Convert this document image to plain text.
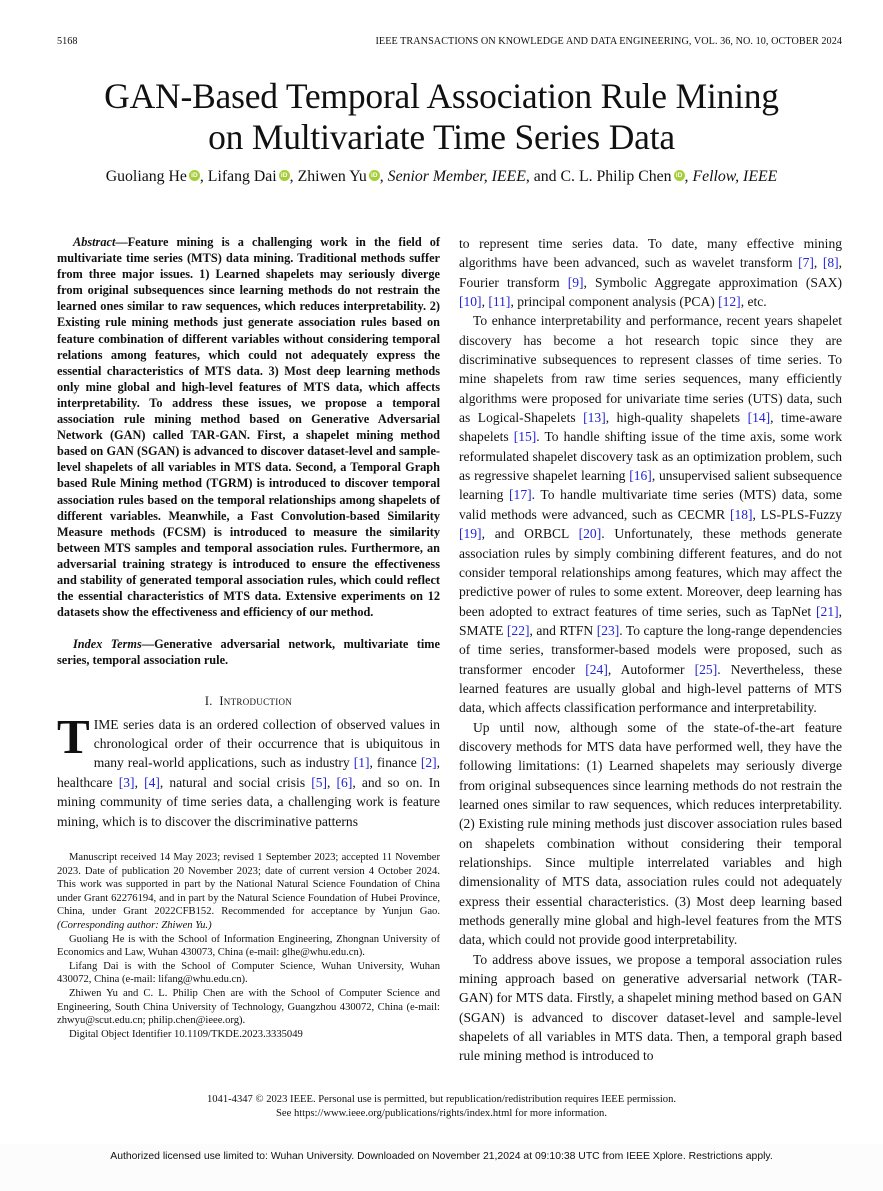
5168	IEEE TRANSACTIONS ON KNOWLEDGE AND DATA ENGINEERING, VOL. 36, NO. 10, OCTOBER 2024
GAN-Based Temporal Association Rule Mining
on Multivariate Time Series Data
Guoliang He iD , Lifang Dai iD , Zhiwen Yu iD , Senior Member, IEEE, and C. L. Philip Chen iD , Fellow, IEEE

Abstract—Feature mining is a challenging work in the field of multivariate time series (MTS) data mining. Traditional methods suffer from three major issues. 1) Learned shapelets may seriously diverge from original subsequences since learning methods do not restrain the learned ones similar to raw sequences, which reduces interpretability. 2) Existing rule mining methods just generate association rules based on feature combination of different variables without considering temporal relations among features, which could not adequately express the essential characteristics of MTS data. 3) Most deep learning methods only mine global and high-level features of MTS data, which affects interpretability. To address these issues, we propose a temporal association rule mining method based on Generative Adversarial Network (GAN) called TAR-GAN. First, a shapelet mining method based on GAN (SGAN) is advanced to discover dataset-level and sample-level shapelets of all variables in MTS data. Second, a Temporal Graph based Rule Mining method (TGRM) is introduced to discover temporal association rules based on the temporal relationships among shapelets of different variables. Meanwhile, a Fast Convolution-based Similarity Measure methods (FCSM) is introduced to measure the similarity between MTS samples and temporal association rules. Furthermore, an adversarial training strategy is introduced to ensure the effectiveness and stability of generated temporal association rules, which could reflect the essential characteristics of MTS data. Extensive experiments on 12 datasets show the effectiveness and efficiency of our method.

Index Terms—Generative adversarial network, multivariate time series, temporal association rule.

I. Introduction

TIME series data is an ordered collection of observed values in chronological order of their occurrence that is ubiquitous in many real-world applications, such as industry [1], finance [2], healthcare [3], [4], natural and social crisis [5], [6], and so on. In mining community of time series data, a challenging work is feature mining, which is to discover the discriminative patterns

Manuscript received 14 May 2023; revised 1 September 2023; accepted 11 November 2023. Date of publication 20 November 2023; date of current version 4 October 2024. This work was supported in part by the National Natural Science Foundation of China under Grant 62276194, and in part by the Natural Science Foundation of Hubei Province, China, under Grant 2022CFB152. Recommended for acceptance by Yunjun Gao. (Corresponding author: Zhiwen Yu.)

Guoliang He is with the School of Information Engineering, Zhongnan University of Economics and Law, Wuhan 430073, China (e-mail: glhe@whu.edu.cn).

Lifang Dai is with the School of Computer Science, Wuhan University, Wuhan 430072, China (e-mail: lifang@whu.edu.cn).

Zhiwen Yu and C. L. Philip Chen are with the School of Computer Science and Engineering, South China University of Technology, Guangzhou 430072, China (e-mail: zhwyu@scut.edu.cn; philip.chen@ieee.org).

Digital Object Identifier 10.1109/TKDE.2023.3335049

to represent time series data. To date, many effective mining algorithms have been advanced, such as wavelet transform [7], [8], Fourier transform [9], Symbolic Aggregate approximation (SAX) [10], [11], principal component analysis (PCA) [12], etc.

To enhance interpretability and performance, recent years shapelet discovery has become a hot research topic since they are discriminative subsequences to represent classes of time series. To mine shapelets from raw time series sequences, many efficiently algorithms were proposed for univariate time series (UTS) data, such as Logical-Shapelets [13], high-quality shapelets [14], time-aware shapelets [15]. To handle shifting issue of the time axis, some work reformulated shapelet discovery task as an optimization problem, such as regressive shapelet learning [16], unsupervised salient subsequence learning [17]. To handle multivariate time series (MTS) data, some valid methods were advanced, such as CECMR [18], LS-PLS-Fuzzy [19], and ORBCL [20]. Unfortunately, these methods generate association rules by simply combining different features, and do not consider temporal relationships among features, which may affect the predictive power of rules to some extent. Moreover, deep learning has been adopted to extract features of time series, such as TapNet [21], SMATE [22], and RTFN [23]. To capture the long-range dependencies of time series, transformer-based models were proposed, such as transformer encoder [24], Autoformer [25]. Nevertheless, these learned features are usually global and high-level patterns of MTS data, which affects classification performance and interpretability.

Up until now, although some of the state-of-the-art feature discovery methods for MTS data have performed well, they have the following limitations: (1) Learned shapelets may seriously diverge from original subsequences since learning methods do not restrain the learned ones similar to raw sequences, which reduces interpretability. (2) Existing rule mining methods just discover association rules based on shapelets combination without considering their temporal relationships. Since multiple interrelated variables and high dimensionality of MTS data, association rules could not adequately express their essential characteristics. (3) Most deep learning based methods generally mine global and high-level features from the MTS data, which could not provide good interpretability.

To address above issues, we propose a temporal association rules mining approach based on generative adversarial network (TAR-GAN) for MTS data. Firstly, a shapelet mining method based on GAN (SGAN) is advanced to discover dataset-level and sample-level shapelets of all variables in MTS data. Then, a temporal graph based rule mining method is introduced to

1041-4347 © 2023 IEEE. Personal use is permitted, but republication/redistribution requires IEEE permission.
See https://www.ieee.org/publications/rights/index.html for more information.
Authorized licensed use limited to: Wuhan University. Downloaded on November 21,2024 at 09:10:38 UTC from IEEE Xplore. Restrictions apply.
